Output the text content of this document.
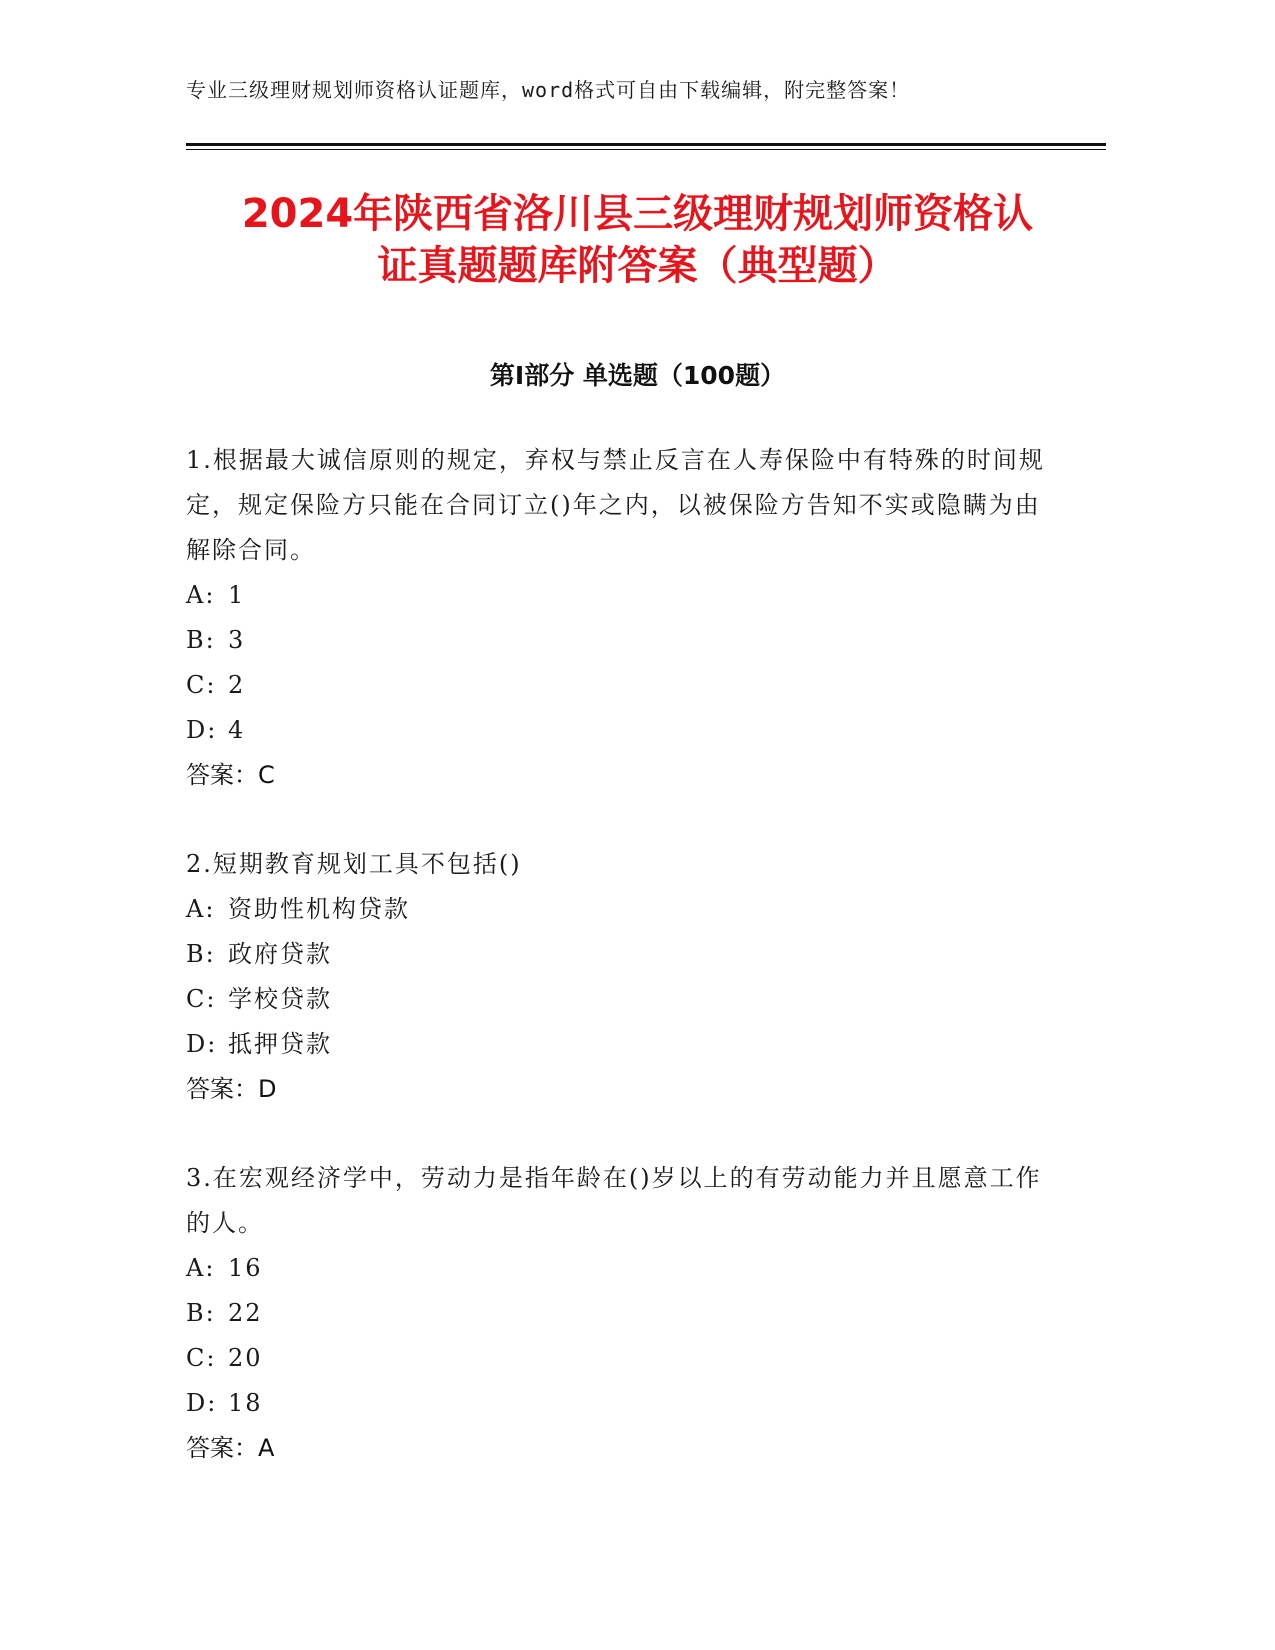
专业三级理财规划师资格认证题库，word格式可自由下载编辑，附完整答案！
2024年陕西省洛川县三级理财规划师资格认
证真题题库附答案（典型题）
第Ⅰ部分 单选题（100题）
1.根据最大诚信原则的规定，弃权与禁止反言在人寿保险中有特殊的时间规定，规定保险方只能在合同订立()年之内，以被保险方告知不实或隐瞒为由解除合同。
A: 1
B: 3
C: 2
D: 4
答案：C
2.短期教育规划工具不包括()
A: 资助性机构贷款
B: 政府贷款
C: 学校贷款
D: 抵押贷款
答案：D
3.在宏观经济学中，劳动力是指年龄在()岁以上的有劳动能力并且愿意工作的人。
A: 16
B: 22
C: 20
D: 18
答案：A
